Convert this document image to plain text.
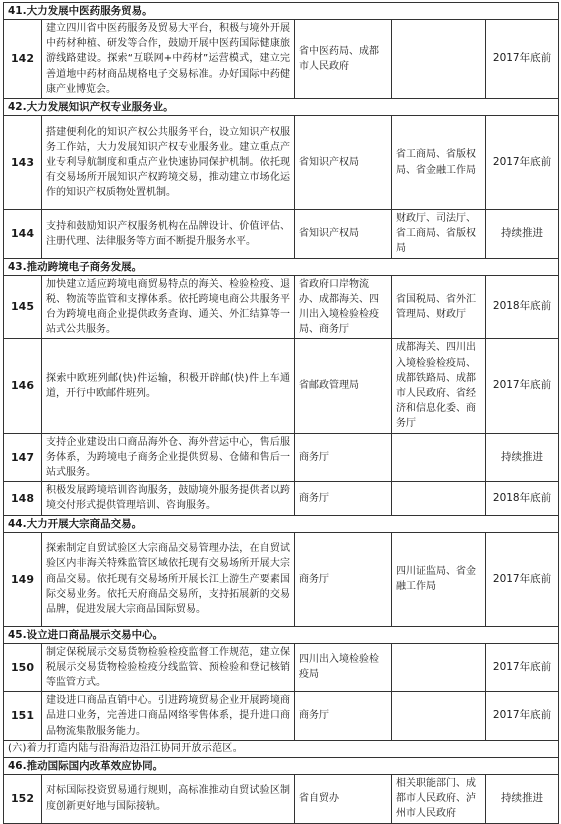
41.大力发展中医药服务贸易。				
142	建立四川省中医药服务及贸易大平台，积极与境外开展中药材种植、研发等合作，鼓励开展中医药国际健康旅游线路建设。探索“互联网+中药材”运营模式，建立完善道地中药材商品规格电子交易标准。办好国际中药健康产业博览会。	省中医药局、成都市人民政府		2017年底前
42.大力发展知识产权专业服务业。				
143	搭建便利化的知识产权公共服务平台，设立知识产权服务工作站，大力发展知识产权专业服务业。建立重点产业专利导航制度和重点产业快速协同保护机制。依托现有交易场所开展知识产权跨境交易，推动建立市场化运作的知识产权质物处置机制。	省知识产权局	省工商局、省版权局、省金融工作局	2017年底前
144	支持和鼓励知识产权服务机构在品牌设计、价值评估、注册代理、法律服务等方面不断提升服务水平。	省知识产权局	财政厅、司法厅、省工商局、省版权局	持续推进
43.推动跨境电子商务发展。				
145	加快建立适应跨境电商贸易特点的海关、检验检疫、退税、物流等监管和支撑体系。依托跨境电商公共服务平台为跨境电商企业提供政务查询、通关、外汇结算等一站式公共服务。	省政府口岸物流办、成都海关、四川出入境检验检疫局、商务厅	省国税局、省外汇管理局、财政厅	2018年底前
146	探索中欧班列邮(快)件运输，积极开辟邮(快)件上车通道，开行中欧邮件班列。	省邮政管理局	成都海关、四川出入境检验检疫局、成都铁路局、成都市人民政府、省经济和信息化委、商务厅	2017年底前
147	支持企业建设出口商品海外仓、海外营运中心，售后服务体系，为跨境电子商务企业提供贸易、仓储和售后一站式服务。	商务厅		持续推进
148	积极发展跨境培训咨询服务，鼓励境外服务提供者以跨境交付形式提供管理培训、咨询服务。	商务厅		2018年底前
44.大力开展大宗商品交易。				
149	探索制定自贸试验区大宗商品交易管理办法，在自贸试验区内非海关特殊监管区域依托现有交易场所开展大宗商品交易。依托现有交易场所开展长江上游生产要素国际交易业务。依托天府商品交易所，支持拓展新的交易品牌，促进发展大宗商品国际贸易。	商务厅	四川证监局、省金融工作局	2017年底前
45.设立进口商品展示交易中心。				
150	制定保税展示交易货物检验检疫监督工作规范，建立保税展示交易货物检验检疫分线监管、预检验和登记核销等监管方式。	四川出入境检验检疫局		2017年底前
151	建设进口商品直销中心。引进跨境贸易企业开展跨境商品进口业务，完善进口商品网络零售体系，提升进口商品物流集散服务能力。	商务厅		2017年底前
(六)着力打造内陆与沿海沿边沿江协同开放示范区。				
46.推动国际国内改革效应协同。				
152	对标国际投资贸易通行规则，高标准推动自贸试验区制度创新更好地与国际接轨。	省自贸办	相关职能部门、成都市人民政府、泸州市人民政府	持续推进
